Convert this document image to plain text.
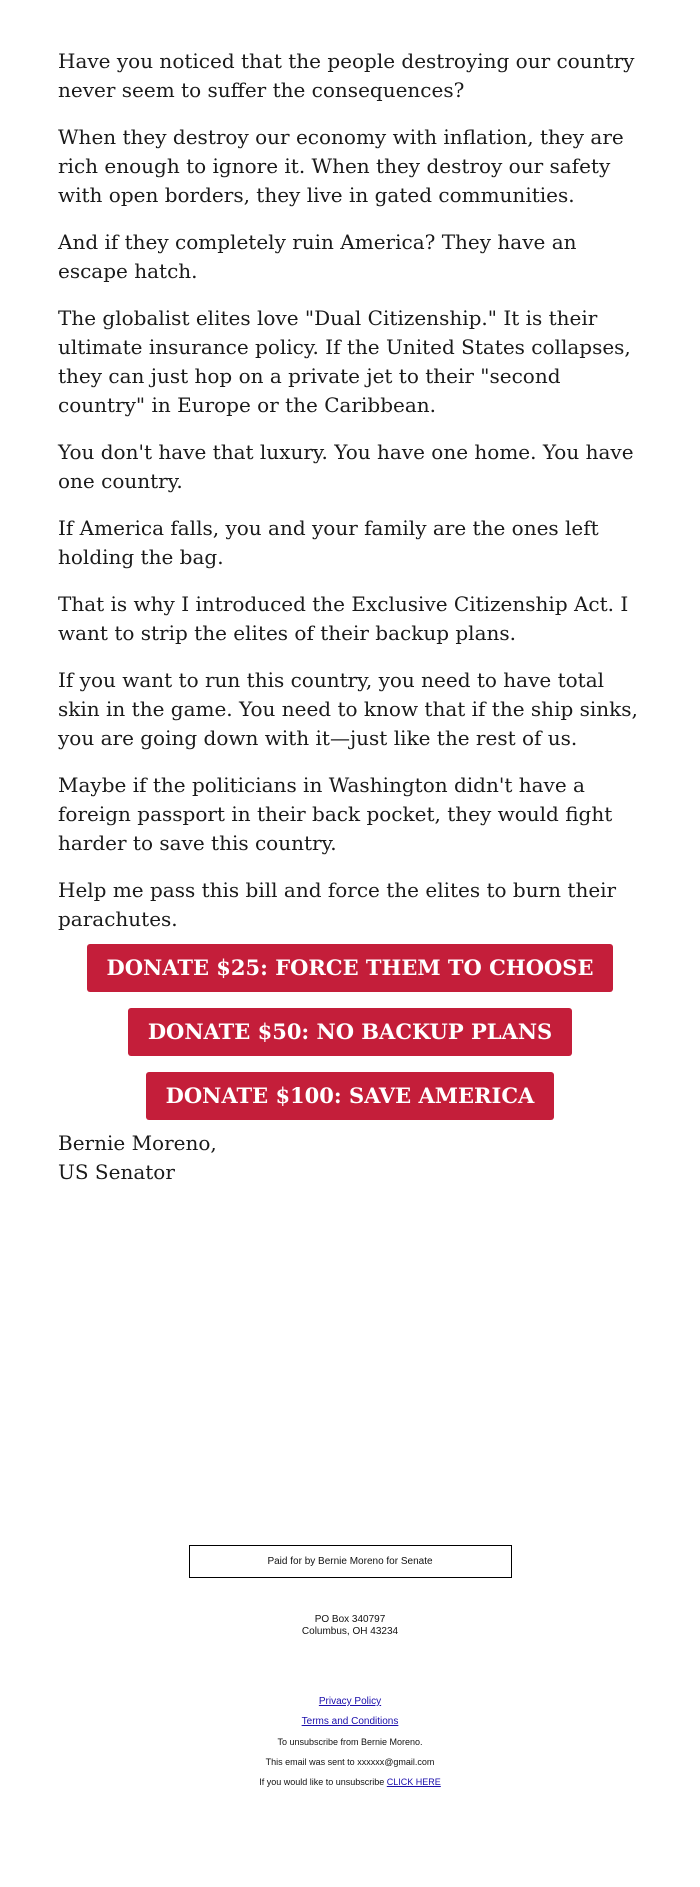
Have you noticed that the people destroying our country never seem to suffer the consequences?

When they destroy our economy with inflation, they are rich enough to ignore it. When they destroy our safety with open borders, they live in gated communities.

And if they completely ruin America? They have an escape hatch.

The globalist elites love "Dual Citizenship." It is their ultimate insurance policy. If the United States collapses, they can just hop on a private jet to their "second country" in Europe or the Caribbean.

You don't have that luxury. You have one home. You have one country.

If America falls, you and your family are the ones left holding the bag.

That is why I introduced the Exclusive Citizenship Act. I want to strip the elites of their backup plans.

If you want to run this country, you need to have total skin in the game. You need to know that if the ship sinks, you are going down with it—just like the rest of us.

Maybe if the politicians in Washington didn't have a foreign passport in their back pocket, they would fight harder to save this country.

Help me pass this bill and force the elites to burn their parachutes.

DONATE $25: FORCE THEM TO CHOOSE
DONATE $50: NO BACKUP PLANS
DONATE $100: SAVE AMERICA
Bernie Moreno,
US Senator
Paid for by Bernie Moreno for Senate
PO Box 340797
Columbus, OH 43234
Privacy Policy
Terms and Conditions
To unsubscribe from Bernie Moreno.
This email was sent to xxxxxx@gmail.com
If you would like to unsubscribe CLICK HERE
